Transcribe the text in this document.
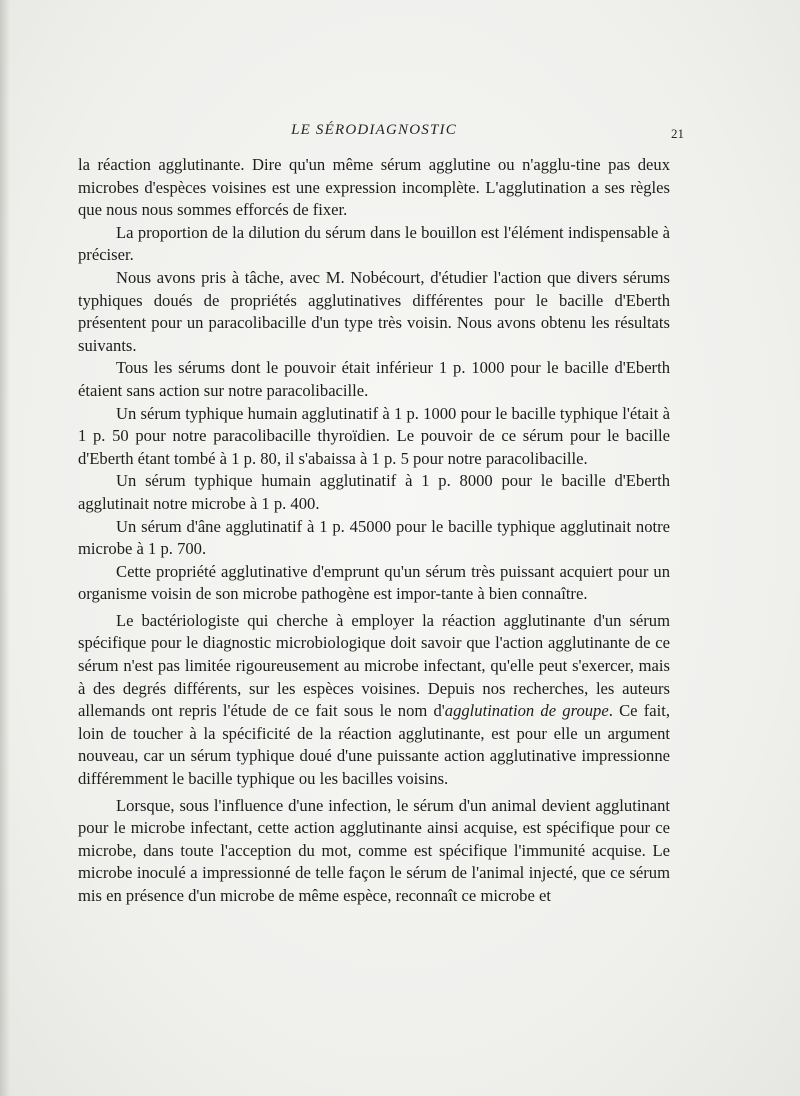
LE SÉRODIAGNOSTIC	21

la réaction agglutinante. Dire qu'un même sérum agglutine ou n'agglu-tine pas deux microbes d'espèces voisines est une expression incomplète. L'agglutination a ses règles que nous nous sommes efforcés de fixer.

La proportion de la dilution du sérum dans le bouillon est l'élément indispensable à préciser.

Nous avons pris à tâche, avec M. Nobécourt, d'étudier l'action que divers sérums typhiques doués de propriétés agglutinatives différentes pour le bacille d'Eberth présentent pour un paracolibacille d'un type très voisin. Nous avons obtenu les résultats suivants.

Tous les sérums dont le pouvoir était inférieur 1 p. 1000 pour le bacille d'Eberth étaient sans action sur notre paracolibacille.

Un sérum typhique humain agglutinatif à 1 p. 1000 pour le bacille typhique l'était à 1 p. 50 pour notre paracolibacille thyroïdien. Le pouvoir de ce sérum pour le bacille d'Eberth étant tombé à 1 p. 80, il s'abaissa à 1 p. 5 pour notre paracolibacille.

Un sérum typhique humain agglutinatif à 1 p. 8000 pour le bacille d'Eberth agglutinait notre microbe à 1 p. 400.

Un sérum d'âne agglutinatif à 1 p. 45000 pour le bacille typhique agglutinait notre microbe à 1 p. 700.

Cette propriété agglutinative d'emprunt qu'un sérum très puissant acquiert pour un organisme voisin de son microbe pathogène est impor-tante à bien connaître.

Le bactériologiste qui cherche à employer la réaction agglutinante d'un sérum spécifique pour le diagnostic microbiologique doit savoir que l'action agglutinante de ce sérum n'est pas limitée rigoureusement au microbe infectant, qu'elle peut s'exercer, mais à des degrés différents, sur les espèces voisines. Depuis nos recherches, les auteurs allemands ont repris l'étude de ce fait sous le nom d'agglutination de groupe. Ce fait, loin de toucher à la spécificité de la réaction agglutinante, est pour elle un argument nouveau, car un sérum typhique doué d'une puissante action agglutinative impressionne différemment le bacille typhique ou les bacilles voisins.

Lorsque, sous l'influence d'une infection, le sérum d'un animal devient agglutinant pour le microbe infectant, cette action agglutinante ainsi acquise, est spécifique pour ce microbe, dans toute l'acception du mot, comme est spécifique l'immunité acquise. Le microbe inoculé a impressionné de telle façon le sérum de l'animal injecté, que ce sérum mis en présence d'un microbe de même espèce, reconnaît ce microbe et
